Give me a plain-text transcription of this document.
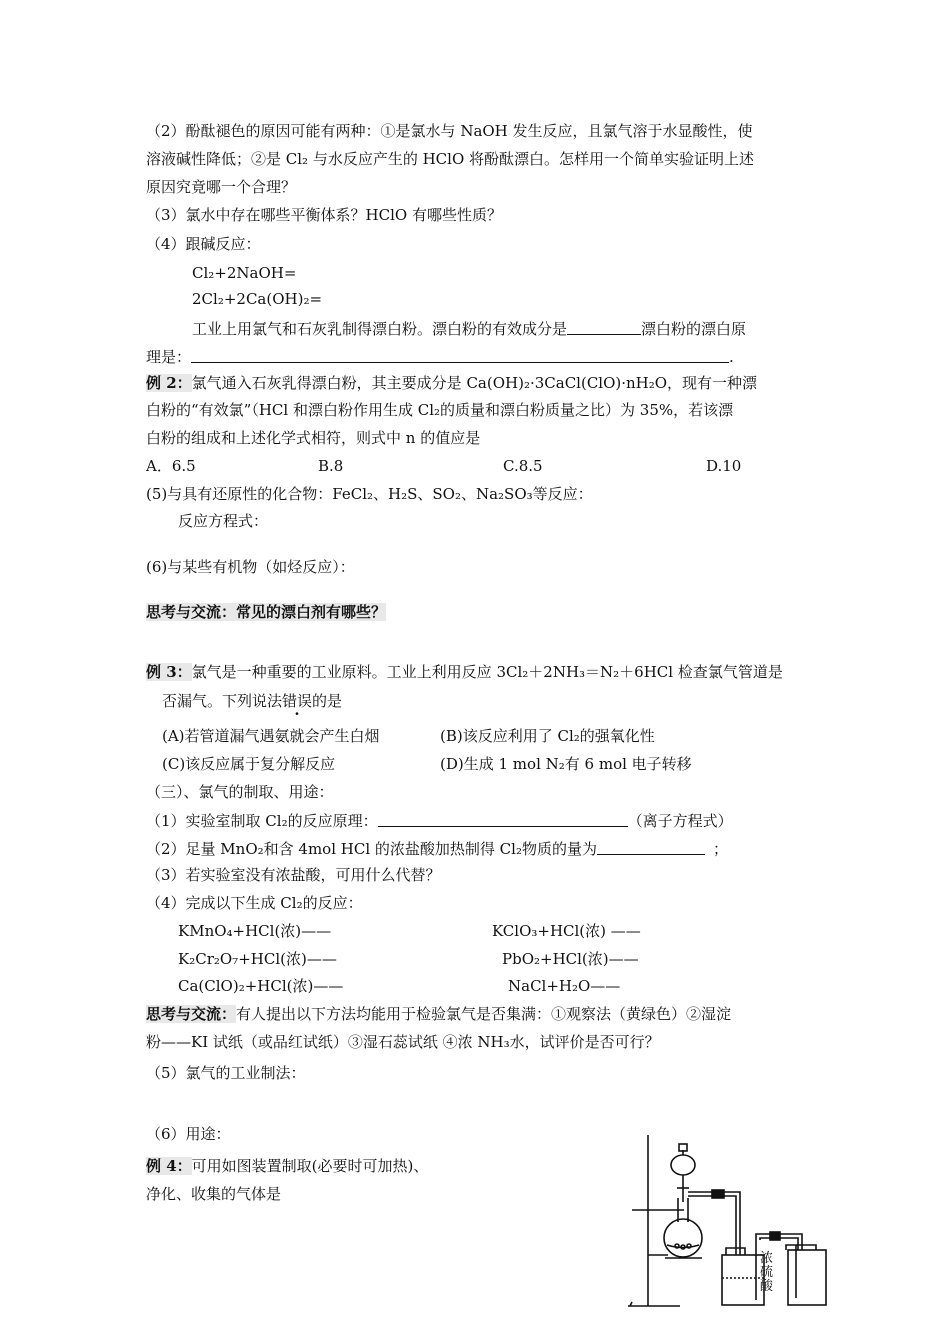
（2）酚酞褪色的原因可能有两种：①是氯水与 NaOH 发生反应，且氯气溶于水显酸性，使
溶液碱性降低；②是 Cl₂ 与水反应产生的 HClO 将酚酞漂白。怎样用一个简单实验证明上述
原因究竟哪一个合理？
（3）氯水中存在哪些平衡体系？HClO 有哪些性质？
（4）跟碱反应：
Cl₂+2NaOH=
2Cl₂+2Ca(OH)₂=
工业上用氯气和石灰乳制得漂白粉。漂白粉的有效成分是	漂白粉的漂白原
理是：	.
例 2：氯气通入石灰乳得漂白粉，其主要成分是 Ca(OH)₂·3CaCl(ClO)·nH₂O，现有一种漂
白粉的“有效氯”（HCl 和漂白粉作用生成 Cl₂的质量和漂白粉质量之比）为 35%，若该漂
白粉的组成和上述化学式相符，则式中 n 的值应是
A．6.5	B.8	C.8.5	D.10
(5)与具有还原性的化合物：FeCl₂、H₂S、SO₂、Na₂SO₃等反应：
反应方程式：
(6)与某些有机物（如烃反应）：
思考与交流：常见的漂白剂有哪些？
例 3：氯气是一种重要的工业原料。工业上利用反应 3Cl₂＋2NH₃＝N₂＋6HCl 检查氯气管道是
否漏气。下列说法错误的是
(A)若管道漏气遇氨就会产生白烟	(B)该反应利用了 Cl₂的强氧化性
(C)该反应属于复分解反应	(D)生成 1 mol N₂有 6 mol 电子转移
（三）、氯气的制取、用途：
（1）实验室制取 Cl₂的反应原理：	（离子方程式）
（2）足量 MnO₂和含 4mol HCl 的浓盐酸加热制得 Cl₂物质的量为	；
（3）若实验室没有浓盐酸，可用什么代替？
（4）完成以下生成 Cl₂的反应：
KMnO₄+HCl(浓)——	KClO₃+HCl(浓) ——
K₂Cr₂O₇+HCl(浓)——	PbO₂+HCl(浓)——
Ca(ClO)₂+HCl(浓)——	NaCl+H₂O——
思考与交流：有人提出以下方法均能用于检验氯气是否集满：①观察法（黄绿色）②湿淀
粉——KI 试纸（或品红试纸）③湿石蕊试纸 ④浓 NH₃水，试评价是否可行？
（5）氯气的工业制法：
（6）用途：
例 4：可用如图装置制取(必要时可加热)、
净化、收集的气体是
浓硫酸
